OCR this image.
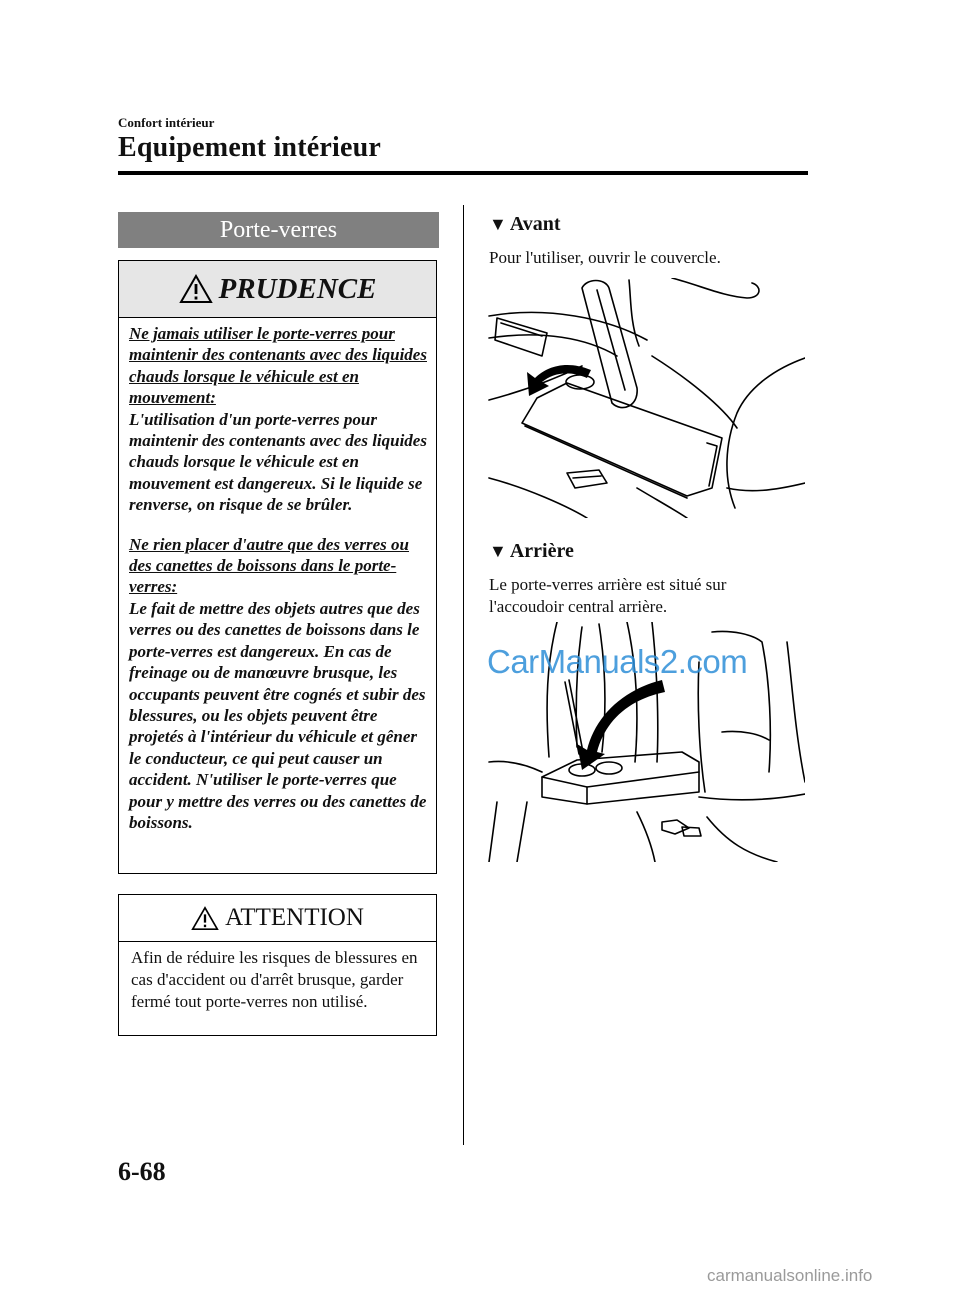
Confort intérieur
Equipement intérieur
Porte-verres
PRUDENCE

Ne jamais utiliser le porte-verres pour maintenir des contenants avec des liquides chauds lorsque le véhicule est en mouvement:

L'utilisation d'un porte-verres pour maintenir des contenants avec des liquides chauds lorsque le véhicule est en mouvement est dangereux. Si le liquide se renverse, on risque de se brûler.

Ne rien placer d'autre que des verres ou des canettes de boissons dans le porte-verres:

Le fait de mettre des objets autres que des verres ou des canettes de boissons dans le porte-verres est dangereux. En cas de freinage ou de manœuvre brusque, les occupants peuvent être cognés et subir des blessures, ou les objets peuvent être projetés à l'intérieur du véhicule et gêner le conducteur, ce qui peut causer un accident. N'utiliser le porte-verres que pour y mettre des verres ou des canettes de boissons.

ATTENTION
Afin de réduire les risques de blessures en cas d'accident ou d'arrêt brusque, garder fermé tout porte-verres non utilisé.
▼ Avant
Pour l'utiliser, ouvrir le couvercle.
▼ Arrière
Le porte-verres arrière est situé sur l'accoudoir central arrière.
CarManuals2.com
6-68
carmanualsonline.info
